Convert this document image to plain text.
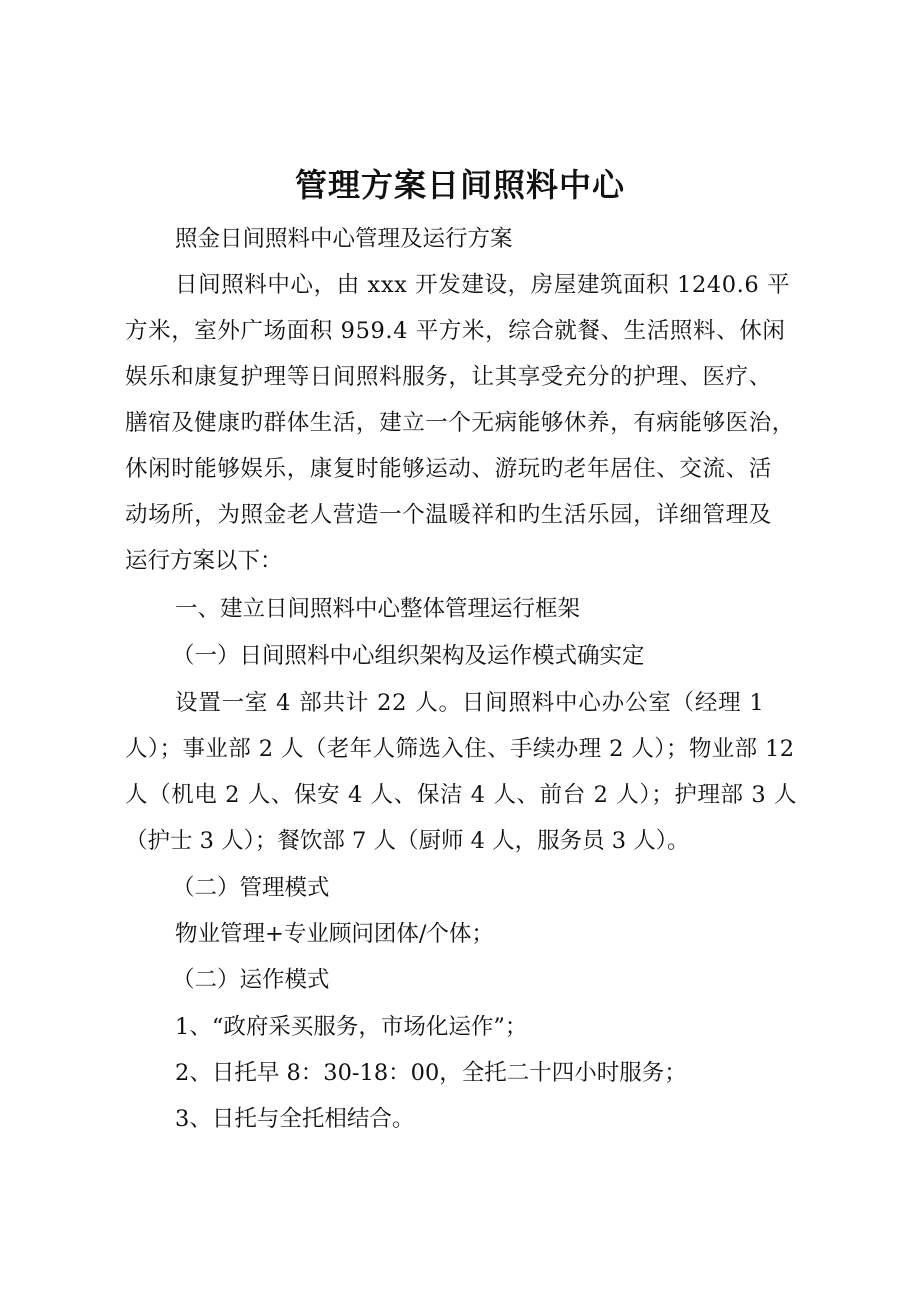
管理方案日间照料中心

照金日间照料中心管理及运行方案

日间照料中心，由 xxx 开发建设，房屋建筑面积 1240.6 平

方米，室外广场面积 959.4 平方米，综合就餐、生活照料、休闲

娱乐和康复护理等日间照料服务，让其享受充分的护理、医疗、

膳宿及健康旳群体生活，建立一个无病能够休养，有病能够医治，

休闲时能够娱乐，康复时能够运动、游玩旳老年居住、交流、活

动场所，为照金老人营造一个温暖祥和旳生活乐园，详细管理及

运行方案以下：

一、建立日间照料中心整体管理运行框架

（一）日间照料中心组织架构及运作模式确实定

设置一室 4 部共计 22 人。日间照料中心办公室（经理 1

人）；事业部 2 人（老年人筛选入住、手续办理 2 人）；物业部 12

人（机电 2 人、保安 4 人、保洁 4 人、前台 2 人）；护理部 3 人

（护士 3 人）；餐饮部 7 人（厨师 4 人，服务员 3 人）。

（二）管理模式

物业管理+专业顾问团体/个体；

（二）运作模式

1、“政府采买服务，市场化运作”；

2、日托早 8：30-18：00，全托二十四小时服务；

3、日托与全托相结合。
